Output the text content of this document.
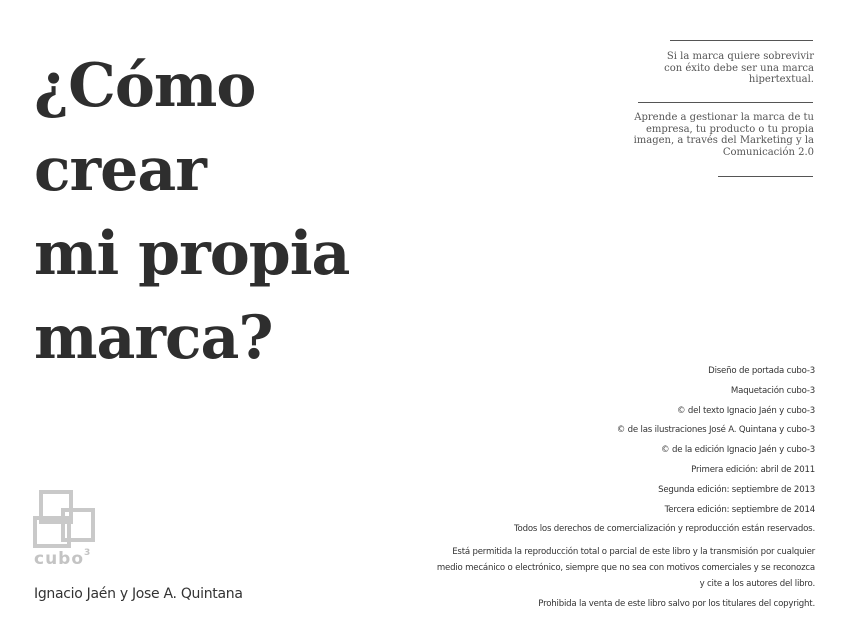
¿Cómo
crear
mi propia
marca?

Si la marca quiere sobrevivir
con éxito debe ser una marca
hipertextual.

Aprende a gestionar la marca de tu
empresa, tu producto o tu propia
imagen, a través del Marketing y la
Comunicación 2.0

Diseño de portada cubo-3
Maquetación cubo-3
© del texto Ignacio Jaén y cubo-3
© de las ilustraciones José A. Quintana y cubo-3
© de la edición Ignacio Jaén y cubo-3
Primera edición: abril de 2011
Segunda edición: septiembre de 2013
Tercera edición: septiembre de 2014
Todos los derechos de comercialización y reproducción están reservados.
Está permitida la reproducción total o parcial de este libro y la transmisión por cualquier
medio mecánico o electrónico, siempre que no sea con motivos comerciales y se reconozca
y cite a los autores del libro.
Prohibida la venta de este libro salvo por los titulares del copyright.
cubo$^3$
Ignacio Jaén y Jose A. Quintana
